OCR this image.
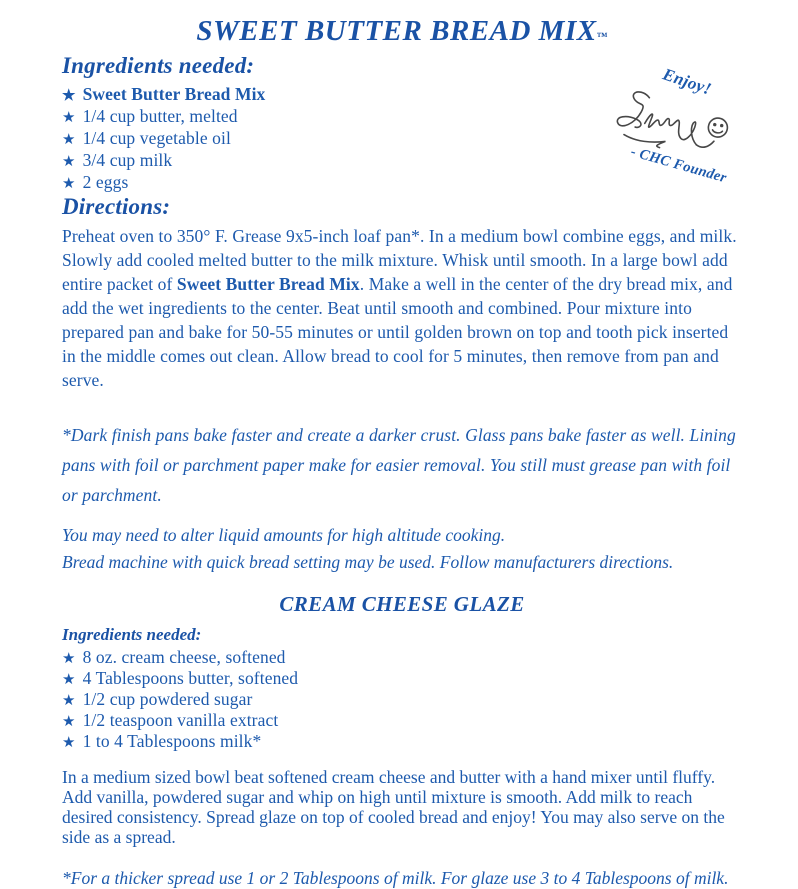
SWEET BUTTER BREAD MIX™
Ingredients needed:
★ Sweet Butter Bread Mix
★ 1/4 cup butter, melted
★ 1/4 cup vegetable oil
★ 3/4 cup milk
★ 2 eggs
Enjoy!
- CHC Founder
Directions:

Preheat oven to 350° F. Grease 9x5-inch loaf pan*. In a medium bowl combine eggs, and milk. Slowly add cooled melted butter to the milk mixture. Whisk until smooth. In a large bowl add entire packet of Sweet Butter Bread Mix. Make a well in the center of the dry bread mix, and add the wet ingredients to the center. Beat until smooth and combined. Pour mixture into prepared pan and bake for 50-55 minutes or until golden brown on top and tooth pick inserted in the middle comes out clean. Allow bread to cool for 5 minutes, then remove from pan and serve.

*Dark finish pans bake faster and create a darker crust. Glass pans bake faster as well. Lining pans with foil or parchment paper make for easier removal. You still must grease pan with foil or parchment.

You may need to alter liquid amounts for high altitude cooking.
Bread machine with quick bread setting may be used. Follow manufacturers directions.
CREAM CHEESE GLAZE
Ingredients needed:
★ 8 oz. cream cheese, softened
★ 4 Tablespoons butter, softened
★ 1/2 cup powdered sugar
★ 1/2 teaspoon vanilla extract
★ 1 to 4 Tablespoons milk*

In a medium sized bowl beat softened cream cheese and butter with a hand mixer until fluffy. Add vanilla, powdered sugar and whip on high until mixture is smooth. Add milk to reach desired consistency. Spread glaze on top of cooled bread and enjoy! You may also serve on the side as a spread.

*For a thicker spread use 1 or 2 Tablespoons of milk. For glaze use 3 to 4 Tablespoons of milk.
